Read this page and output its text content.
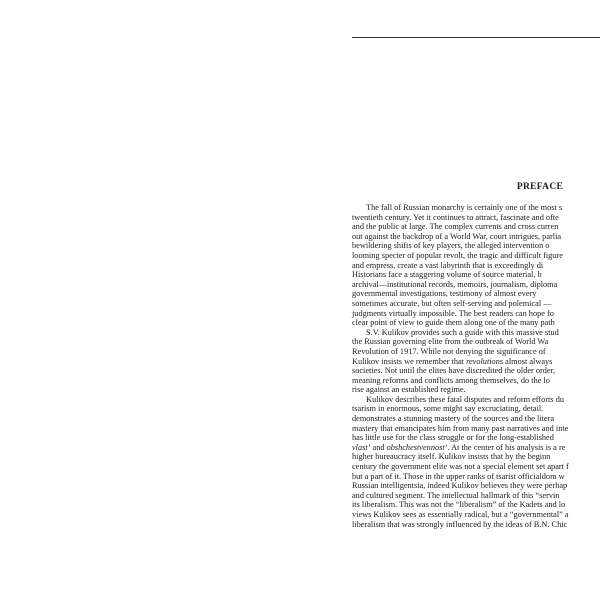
PREFACE
The fall of Russian monarchy is certainly one of the most s
twentieth century. Yet it continues to attract, fascinate and ofte
and the public at large. The complex currents and cross curren
out against the backdrop of a World War, court intrigues, parlia
bewildering shifts of key players, the alleged intervention o
looming specter of popular revolt, the tragic and difficult figure
and empress, create a vast labyrinth that is exceedingly di
Historians face a staggering volume of source material, b
archival—institutional records, memoirs, journalism, diploma
governmental investigations, testimony of almost every
sometimes accurate, but often self-serving and polemical —
judgments virtually impossible. The best readers can hope fo
clear point of view to guide them along one of the many path
S.V. Kulikov provides such a guide with this massive stud
the Russian governing elite from the outbreak of World Wa
Revolution of 1917. While not denying the significance of
Kulikov insists we remember that revolutions almost always
societies. Not until the elites have discredited the older order,
meaning reforms and conflicts among themselves, do the lo
rise against an established regime.
Kulikov describes these fatal disputes and reform efforts du
tsarism in enormous, some might say excruciating, detail.
demonstrates a stunning mastery of the sources and the litera
mastery that emancipates him from many past narratives and inte
has little use for the class struggle or for the long-established
vlast’ and obshchestvennost’. At the center of his analysis is a re
higher bureaucracy itself. Kulikov insists that by the beginn
century the government elite was not a special element set apart f
but a part of it. Those in the upper ranks of tsarist officialdom w
Russian intelligentsia, indeed Kulikov believes they were perhap
and cultured segment. The intellectual hallmark of this “servin
its liberalism. This was not the “liberalism” of the Kadets and lo
views Kulikov sees as essentially radical, but a “governmental” a
liberalism that was strongly influenced by the ideas of B.N. Chic
